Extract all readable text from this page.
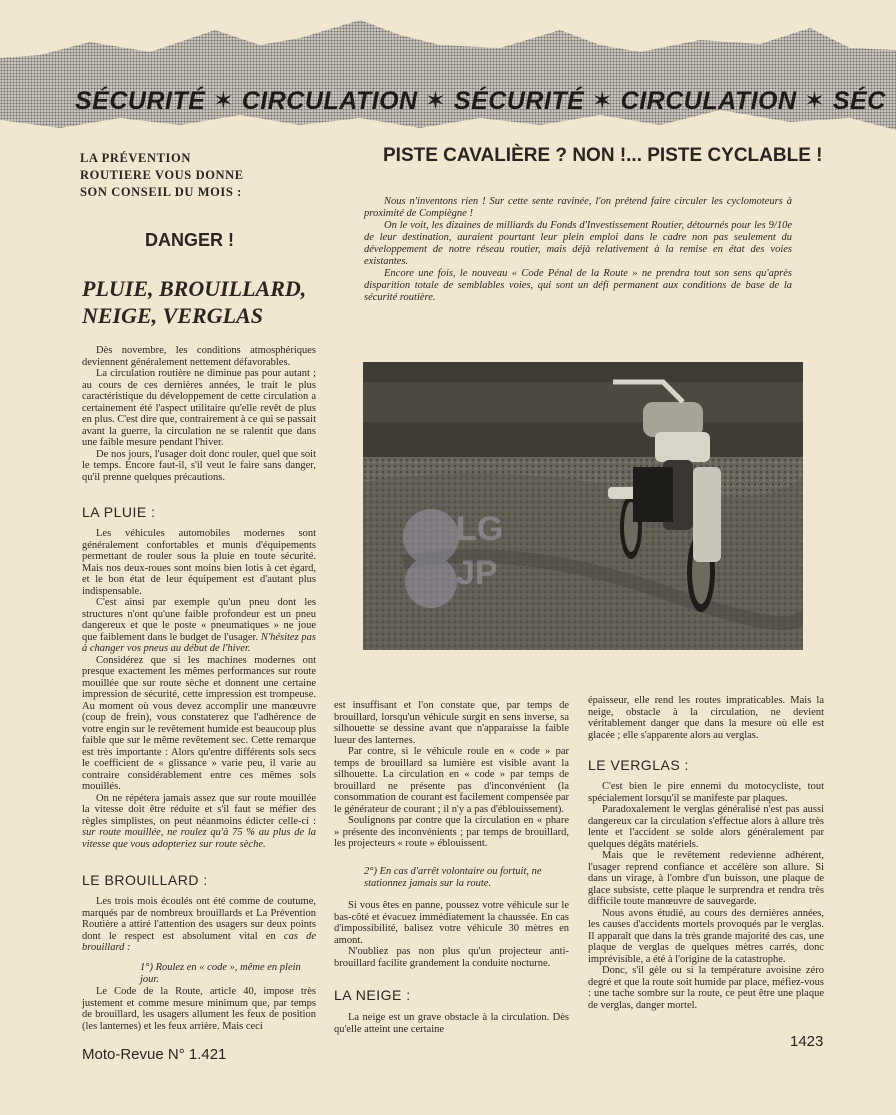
SÉCURITÉ ✶ CIRCULATION ✶ SÉCURITÉ ✶ CIRCULATION ✶ SÉC
LA PRÉVENTION
ROUTIERE VOUS DONNE
SON CONSEIL DU MOIS :
DANGER !
PLUIE, BROUILLARD,
NEIGE, VERGLAS
PISTE CAVALIÈRE ? NON !... PISTE CYCLABLE !

Nous n'inventons rien ! Sur cette sente ravinée, l'on prétend faire circuler les cyclomoteurs à proximité de Compiègne !

On le voit, les dizaines de milliards du Fonds d'Investissement Routier, détournés pour les 9/10e de leur destination, auraient pourtant leur plein emploi dans le cadre non pas seulement du développement de notre réseau routier, mais déjà relativement à la remise en état des voies existantes.

Encore une fois, le nouveau « Code Pénal de la Route » ne prendra tout son sens qu'après disparition totale de semblables voies, qui sont un défi permanent aux conditions de base de la sécurité routière.

LG
JP

Dès novembre, les conditions atmosphériques deviennent généralement nettement défavorables.

La circulation routière ne diminue pas pour autant ; au cours de ces dernières années, le trait le plus caractéristique du développement de cette circulation a certainement été l'aspect utilitaire qu'elle revêt de plus en plus. C'est dire que, contrairement à ce qui se passait avant la guerre, la circulation ne se ralentit que dans une faible mesure pendant l'hiver.

De nos jours, l'usager doit donc rouler, quel que soit le temps. Encore faut-il, s'il veut le faire sans danger, qu'il prenne quelques précautions.

LA PLUIE :

Les véhicules automobiles modernes sont généralement confortables et munis d'équipements permettant de rouler sous la pluie en toute sécurité. Mais nos deux-roues sont moins bien lotis à cet égard, et le bon état de leur équipement est d'autant plus indispensable.

C'est ainsi par exemple qu'un pneu dont les structures n'ont qu'une faible profondeur est un pneu dangereux et que le poste « pneumatiques » ne joue que faiblement dans le budget de l'usager. N'hésitez pas à changer vos pneus au début de l'hiver.

Considérez que si les machines modernes ont presque exactement les mêmes performances sur route mouillée que sur route sèche et donnent une certaine impression de sécurité, cette impression est trompeuse. Au moment où vous devez accomplir une manœuvre (coup de frein), vous constaterez que l'adhérence de votre engin sur le revêtement humide est beaucoup plus faible que sur le même revêtement sec. Cette remarque est très importante : Alors qu'entre différents sols secs le coefficient de « glissance » varie peu, il varie au contraire considérablement entre ces mêmes sols mouillés.

On ne répétera jamais assez que sur route mouillée la vitesse doit être réduite et s'il faut se méfier des règles simplistes, on peut néanmoins édicter celle-ci : sur route mouillée, ne roulez qu'à 75 % au plus de la vitesse que vous adopteriez sur route sèche.

LE BROUILLARD :

Les trois mois écoulés ont été comme de coutume, marqués par de nombreux brouillards et La Prévention Routière a attiré l'attention des usagers sur deux points dont le respect est absolument vital en cas de brouillard :

1°) Roulez en « code », même en plein jour.

Le Code de la Route, article 40, impose très justement et comme mesure minimum que, par temps de brouillard, les usagers allument les feux de position (les lanternes) et les feux arrière. Mais ceci

est insuffisant et l'on constate que, par temps de brouillard, lorsqu'un véhicule surgit en sens inverse, sa silhouette se dessine avant que n'apparaisse la faible lueur des lanternes.

Par contre, si le véhicule roule en « code » par temps de brouillard sa lumière est visible avant la silhouette. La circulation en « code » par temps de brouillard ne présente pas d'inconvénient (la consommation de courant est facilement compensée par le générateur de courant ; il n'y a pas d'éblouissement).

Soulignons par contre que la circulation en « phare » présente des inconvénients ; par temps de brouillard, les projecteurs « route » éblouissent.

2°) En cas d'arrêt volontaire ou fortuit, ne stationnez jamais sur la route.

Si vous êtes en panne, poussez votre véhicule sur le bas-côté et évacuez immédiatement la chaussée. En cas d'impossibilité, balisez votre véhicule 30 mètres en amont.

N'oubliez pas non plus qu'un projecteur anti-brouillard facilite grandement la conduite nocturne.

LA NEIGE :

La neige est un grave obstacle à la circulation. Dès qu'elle atteint une certaine

épaisseur, elle rend les routes impraticables. Mais la neige, obstacle à la circulation, ne devient véritablement danger que dans la mesure où elle est glacée ; elle s'apparente alors au verglas.

LE VERGLAS :

C'est bien le pire ennemi du motocycliste, tout spécialement lorsqu'il se manifeste par plaques.

Paradoxalement le verglas généralisé n'est pas aussi dangereux car la circulation s'effectue alors à allure très lente et l'accident se solde alors généralement par quelques dégâts matériels.

Mais que le revêtement redevienne adhérent, l'usager reprend confiance et accélère son allure. Si dans un virage, à l'ombre d'un buisson, une plaque de glace subsiste, cette plaque le surprendra et rendra très difficile toute manœuvre de sauvegarde.

Nous avons étudié, au cours des dernières années, les causes d'accidents mortels provoqués par le verglas. Il apparaît que dans la très grande majorité des cas, une plaque de verglas de quelques mètres carrés, donc imprévisible, a été à l'origine de la catastrophe.

Donc, s'il gèle ou si la température avoisine zéro degré et que la route soit humide par place, méfiez-vous : une tache sombre sur la route, ce peut être une plaque de verglas, danger mortel.

Moto-Revue N° 1.421
1423
